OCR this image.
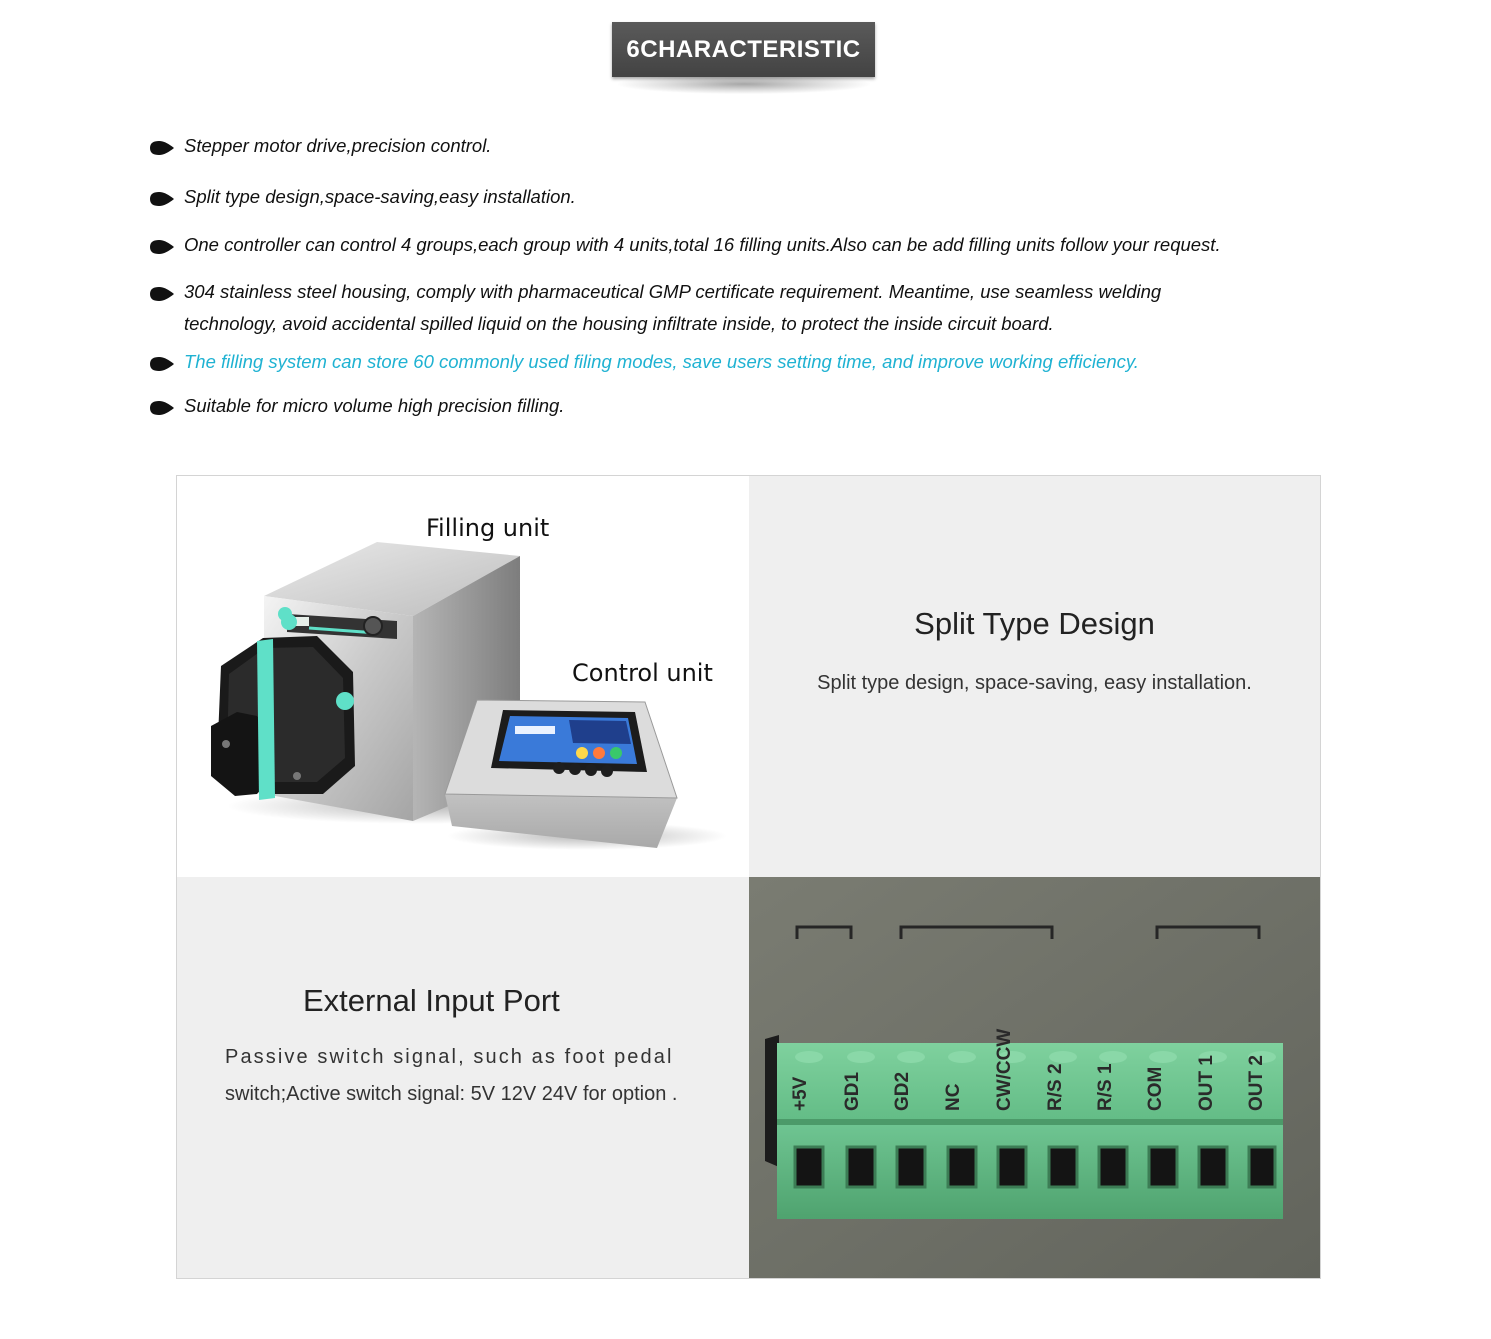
6CHARACTERISTIC
Stepper motor drive,precision control.
Split type design,space-saving,easy installation.
One controller can control 4 groups,each group with 4 units,total 16 filling units.Also can be add filling units follow your request.
304 stainless steel housing, comply with pharmaceutical GMP certificate requirement. Meantime, use seamless welding
technology, avoid accidental spilled liquid on the housing infiltrate inside, to protect the inside circuit board.
The filling system can store 60 commonly used filing modes, save users setting time, and improve working efficiency.
Suitable for micro volume high precision filling.
Filling unit
Control unit
Split Type Design
Split type design, space-saving, easy installation.
External Input Port
Passive switch signal, such as foot pedal
switch;Active switch signal: 5V 12V 24V for option .	+5V GD1 GD2 NC CW/CCW R/S 2 R/S 1 COM OUT 1 OUT 2
